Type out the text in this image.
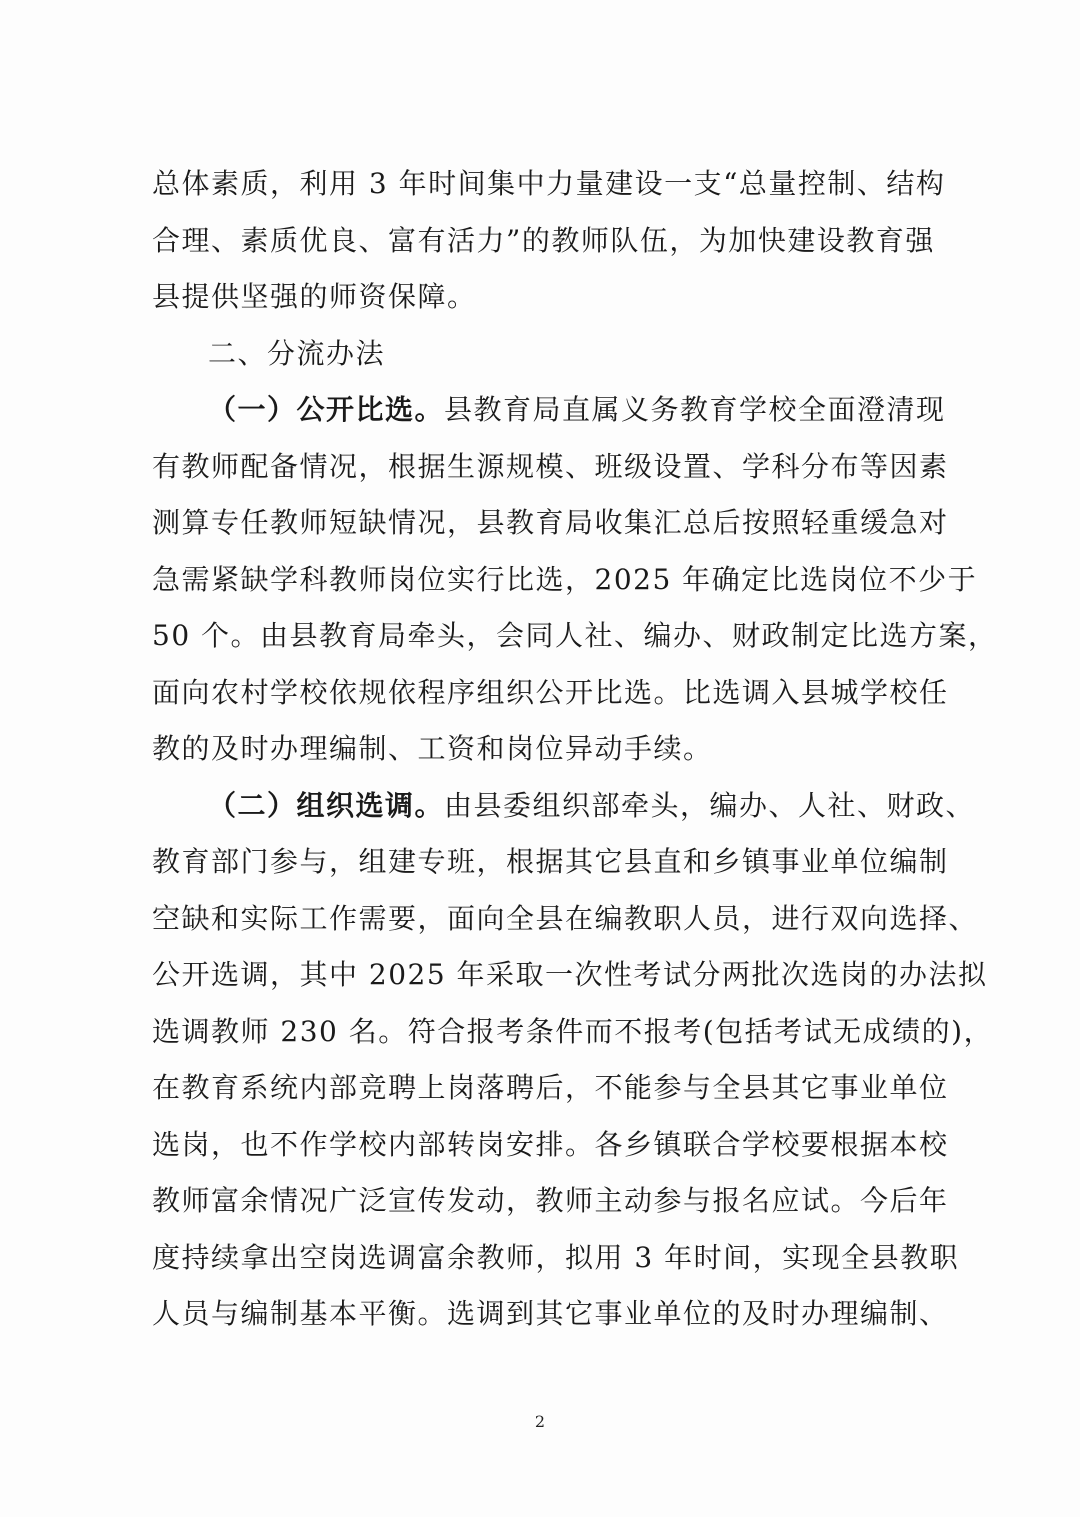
总体素质，利用 3 年时间集中力量建设一支“总量控制、结构
合理、素质优良、富有活力”的教师队伍，为加快建设教育强
县提供坚强的师资保障。

二、分流办法

（一）公开比选。县教育局直属义务教育学校全面澄清现
有教师配备情况，根据生源规模、班级设置、学科分布等因素
测算专任教师短缺情况，县教育局收集汇总后按照轻重缓急对
急需紧缺学科教师岗位实行比选，2025 年确定比选岗位不少于
50 个。由县教育局牵头，会同人社、编办、财政制定比选方案，
面向农村学校依规依程序组织公开比选。比选调入县城学校任
教的及时办理编制、工资和岗位异动手续。

（二）组织选调。由县委组织部牵头，编办、人社、财政、
教育部门参与，组建专班，根据其它县直和乡镇事业单位编制
空缺和实际工作需要，面向全县在编教职人员，进行双向选择、
公开选调，其中 2025 年采取一次性考试分两批次选岗的办法拟
选调教师 230 名。符合报考条件而不报考(包括考试无成绩的)，
在教育系统内部竞聘上岗落聘后，不能参与全县其它事业单位
选岗，也不作学校内部转岗安排。各乡镇联合学校要根据本校
教师富余情况广泛宣传发动，教师主动参与报名应试。今后年
度持续拿出空岗选调富余教师，拟用 3 年时间，实现全县教职
人员与编制基本平衡。选调到其它事业单位的及时办理编制、

2
